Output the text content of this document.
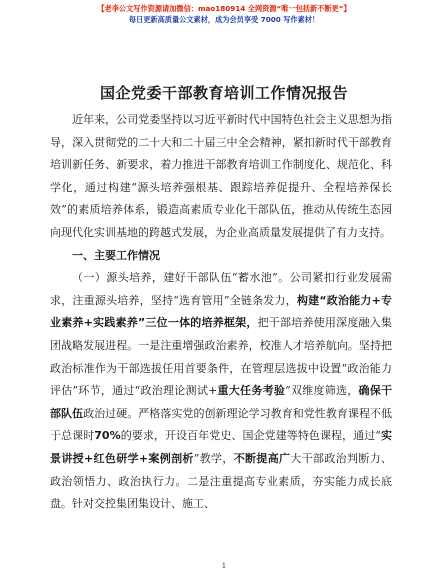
【老李公文写作资源请加微信：mao180914 全网资源“唯一包括新不断更”】
每日更新高质量公文素材，成为会员享受 7000 写作素材！
国企党委干部教育培训工作情况报告

近年来，公司党委坚持以习近平新时代中国特色社会主义思想为指导，深入贯彻党的二十大和二十届三中全会精神，紧扣新时代干部教育培训新任务、新要求，着力推进干部教育培训工作制度化、规范化、科学化，通过构建“源头培养强根基、跟踪培养促提升、全程培养保长效”的素质培养体系，锻造高素质专业化干部队伍，推动从传统生态园向现代化实训基地的跨越式发展，为企业高质量发展提供了有力支持。

一、主要工作情况

（一）源头培养，建好干部队伍“蓄水池”。公司紧扣行业发展需求，注重源头培养，坚持“选育管用”全链条发力，构建“政治能力+专业素养+实践素养”三位一体的培养框架，把干部培养使用深度融入集团战略发展进程。一是注重增强政治素养，校准人才培养航向。坚持把政治标准作为干部选拔任用首要条件，在管理层选拔中设置“政治能力评估”环节，通过“政治理论测试+重大任务考验”双维度筛选，确保干部队伍政治过硬。严格落实党的创新理论学习教育和党性教育课程不低于总课时70%的要求，开设百年党史、国企党建等特色课程，通过“实景讲授+红色研学+案例剖析”教学，不断提高广大干部政治判断力、政治领悟力、政治执行力。二是注重提高专业素质，夯实能力成长底盘。针对交控集团集设计、施工、

1
